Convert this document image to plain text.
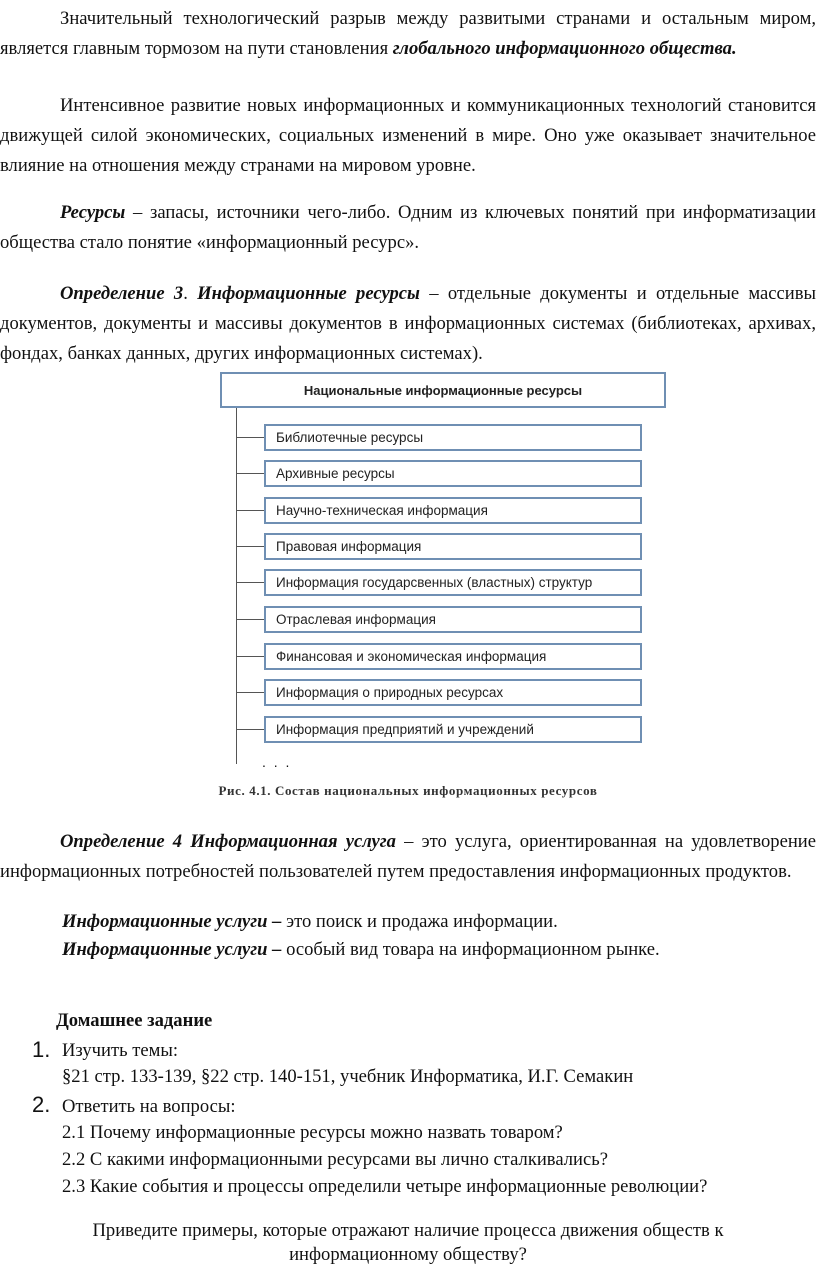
Значительный технологический разрыв между развитыми странами и остальным миром, является главным тормозом на пути становления глобального информационного общества.

Интенсивное развитие новых информационных и коммуникационных технологий становится движущей силой экономических, социальных изменений в мире. Оно уже оказывает значительное влияние на отношения между странами на мировом уровне.

Ресурсы – запасы, источники чего-либо. Одним из ключевых понятий при информатизации общества стало понятие «информационный ресурс».

Определение 3. Информационные ресурсы – отдельные документы и отдельные массивы документов, документы и массивы документов в информационных системах (библиотеках, архивах, фондах, банках данных, других информационных системах).

Национальные информационные ресурсы
Библиотечные ресурсы
Архивные ресурсы
Научно-техническая информация
Правовая информация
Информация государсвенных (властных) структур
Отраслевая информация
Финансовая и экономическая информация
Информация о природных ресурсах
Информация предприятий и учреждений
. . .
Рис. 4.1. Состав национальных информационных ресурсов

Определение 4 Информационная услуга – это услуга, ориентированная на удовлетворение информационных потребностей пользователей путем предоставления информационных продуктов.

Информационные услуги – это поиск и продажа информации.

Информационные услуги – особый вид товара на информационном рынке.

Домашнее задание
1. Изучить темы:
§21 стр. 133-139, §22 стр. 140-151, учебник Информатика, И.Г. Семакин
2. Ответить на вопросы:
2.1 Почему информационные ресурсы можно назвать товаром?
2.2 С какими информационными ресурсами вы лично сталкивались?
2.3 Какие события и процессы определили четыре информационные революции?

Приведите примеры, которые отражают наличие процесса движения обществ к

информационному обществу?
